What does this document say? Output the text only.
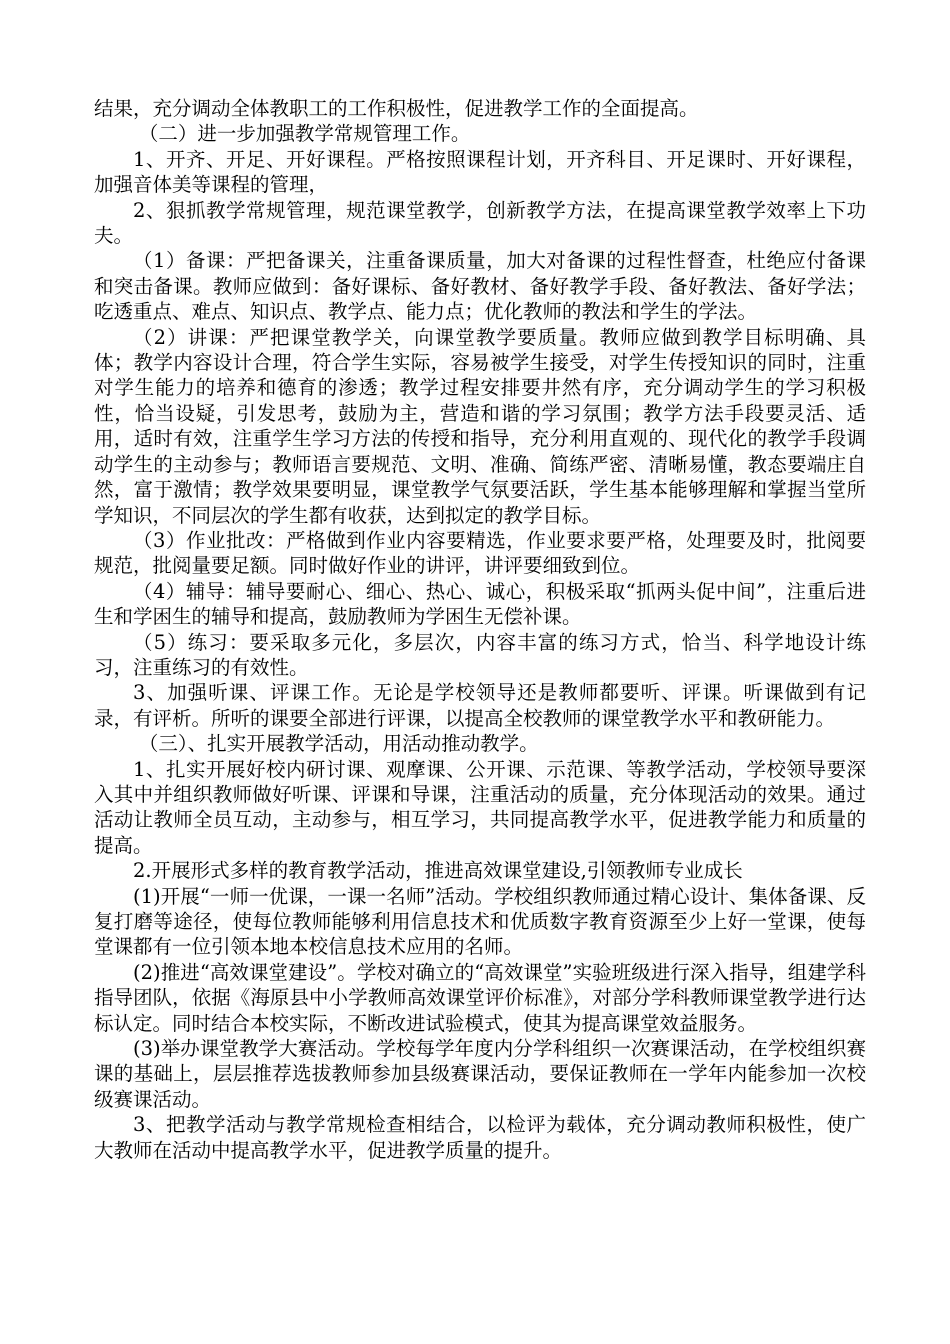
结果，充分调动全体教职工的工作积极性，促进教学工作的全面提高。

（二）进一步加强教学常规管理工作。

1、开齐、开足、开好课程。严格按照课程计划，开齐科目、开足课时、开好课程，加强音体美等课程的管理，

2、狠抓教学常规管理，规范课堂教学，创新教学方法，在提高课堂教学效率上下功夫。

（1）备课：严把备课关，注重备课质量，加大对备课的过程性督查，杜绝应付备课和突击备课。教师应做到：备好课标、备好教材、备好教学手段、备好教法、备好学法；吃透重点、难点、知识点、教学点、能力点；优化教师的教法和学生的学法。

（2）讲课：严把课堂教学关，向课堂教学要质量。教师应做到教学目标明确、具体；教学内容设计合理，符合学生实际，容易被学生接受，对学生传授知识的同时，注重对学生能力的培养和德育的渗透；教学过程安排要井然有序，充分调动学生的学习积极性，恰当设疑，引发思考，鼓励为主，营造和谐的学习氛围；教学方法手段要灵活、适用，适时有效，注重学生学习方法的传授和指导，充分利用直观的、现代化的教学手段调动学生的主动参与；教师语言要规范、文明、准确、简练严密、清晰易懂，教态要端庄自然，富于激情；教学效果要明显，课堂教学气氛要活跃，学生基本能够理解和掌握当堂所学知识，不同层次的学生都有收获，达到拟定的教学目标。

（3）作业批改：严格做到作业内容要精选，作业要求要严格，处理要及时，批阅要规范，批阅量要足额。同时做好作业的讲评，讲评要细致到位。

（4）辅导：辅导要耐心、细心、热心、诚心，积极采取“抓两头促中间”，注重后进生和学困生的辅导和提高，鼓励教师为学困生无偿补课。

（5）练习：要采取多元化，多层次，内容丰富的练习方式，恰当、科学地设计练习，注重练习的有效性。

3、加强听课、评课工作。无论是学校领导还是教师都要听、评课。听课做到有记录，有评析。所听的课要全部进行评课，以提高全校教师的课堂教学水平和教研能力。

（三）、扎实开展教学活动，用活动推动教学。

1、扎实开展好校内研讨课、观摩课、公开课、示范课、等教学活动，学校领导要深入其中并组织教师做好听课、评课和导课，注重活动的质量，充分体现活动的效果。通过活动让教师全员互动，主动参与，相互学习，共同提高教学水平，促进教学能力和质量的提高。

2.开展形式多样的教育教学活动，推进高效课堂建设,引领教师专业成长

(1)开展“一师一优课，一课一名师”活动。学校组织教师通过精心设计、集体备课、反复打磨等途径，使每位教师能够利用信息技术和优质数字教育资源至少上好一堂课，使每堂课都有一位引领本地本校信息技术应用的名师。

(2)推进“高效课堂建设”。学校对确立的“高效课堂”实验班级进行深入指导，组建学科指导团队，依据《海原县中小学教师高效课堂评价标准》，对部分学科教师课堂教学进行达标认定。同时结合本校实际，不断改进试验模式，使其为提高课堂效益服务。

(3)举办课堂教学大赛活动。学校每学年度内分学科组织一次赛课活动，在学校组织赛课的基础上，层层推荐选拔教师参加县级赛课活动，要保证教师在一学年内能参加一次校级赛课活动。

3、把教学活动与教学常规检查相结合，以检评为载体，充分调动教师积极性，使广大教师在活动中提高教学水平，促进教学质量的提升。
